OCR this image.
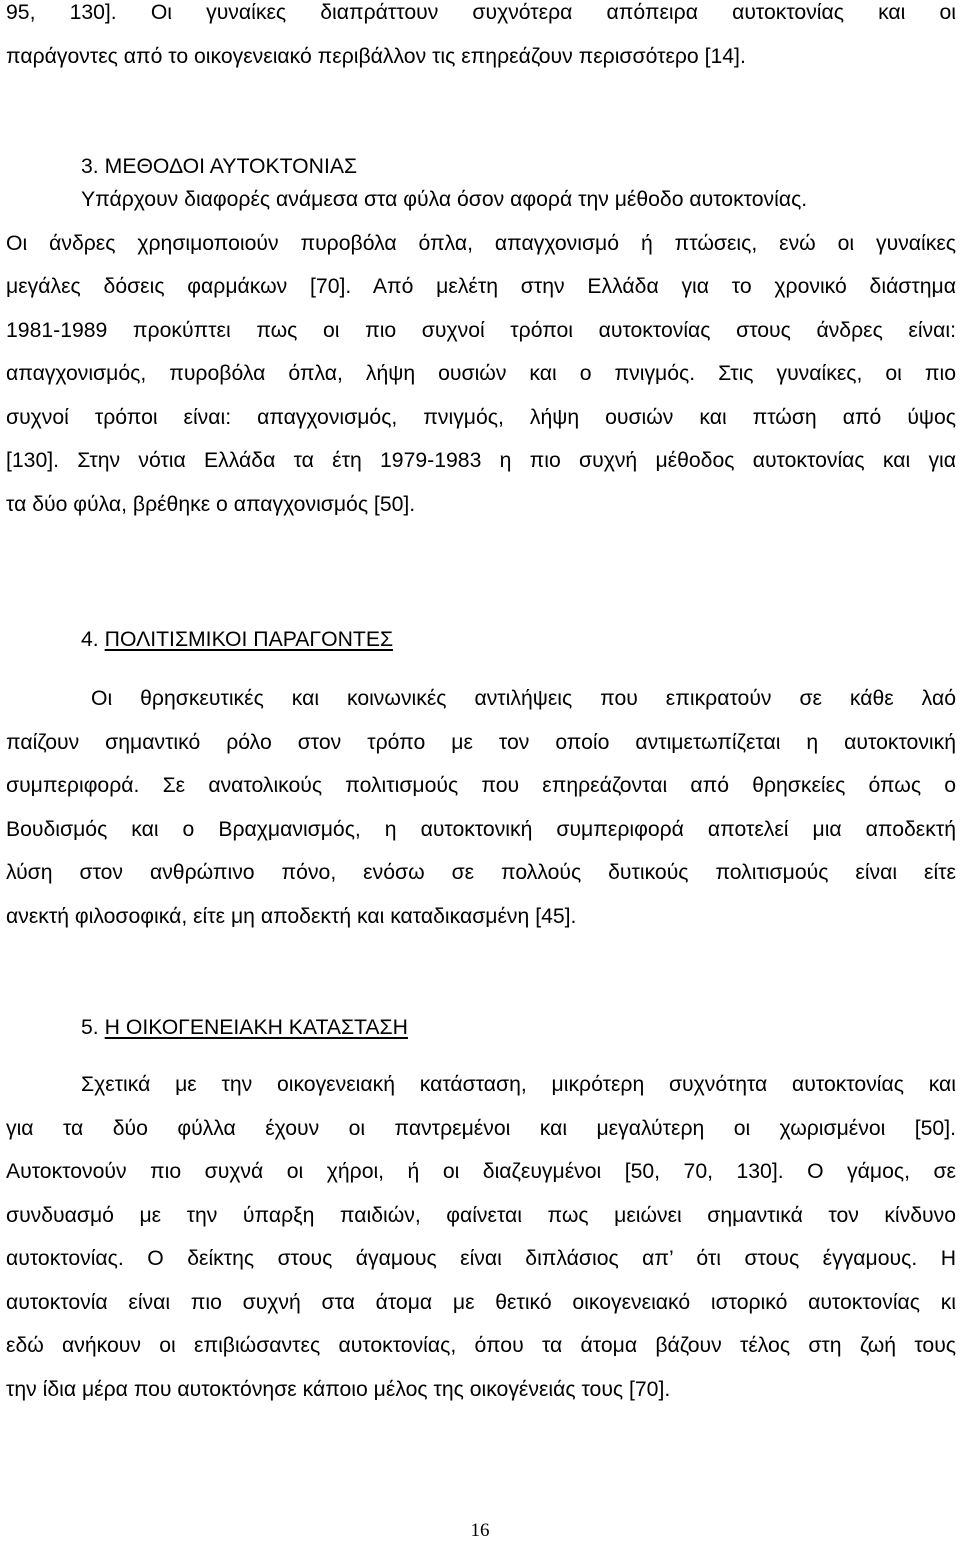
95, 130]. Οι γυναίκες διαπράττουν συχνότερα απόπειρα αυτοκτονίας και οι
παράγοντες από το οικογενειακό περιβάλλον τις επηρεάζουν περισσότερο [14].
3. ΜΕΘΟΔΟΙ ΑΥΤΟΚΤΟΝΙΑΣ
Υπάρχουν διαφορές ανάμεσα στα φύλα όσον αφορά την μέθοδο αυτοκτονίας.
Οι άνδρες χρησιμοποιούν πυροβόλα όπλα, απαγχονισμό ή πτώσεις, ενώ οι γυναίκες
μεγάλες δόσεις φαρμάκων [70]. Από μελέτη στην Ελλάδα για το χρονικό διάστημα
1981-1989 προκύπτει πως οι πιο συχνοί τρόποι αυτοκτονίας στους άνδρες είναι:
απαγχονισμός, πυροβόλα όπλα, λήψη ουσιών και ο πνιγμός. Στις γυναίκες, οι πιο
συχνοί τρόποι είναι: απαγχονισμός, πνιγμός, λήψη ουσιών και πτώση από ύψος
[130]. Στην νότια Ελλάδα τα έτη 1979-1983 η πιο συχνή μέθοδος αυτοκτονίας και για
τα δύο φύλα, βρέθηκε ο απαγχονισμός [50].
4. ΠΟΛΙΤΙΣΜΙΚΟΙ ΠΑΡΑΓΟΝΤΕΣ
Οι θρησκευτικές και κοινωνικές αντιλήψεις που επικρατούν σε κάθε λαό
παίζουν σημαντικό ρόλο στον τρόπο με τον οποίο αντιμετωπίζεται η αυτοκτονική
συμπεριφορά. Σε ανατολικούς πολιτισμούς που επηρεάζονται από θρησκείες όπως ο
Βουδισμός και ο Βραχμανισμός, η αυτοκτονική συμπεριφορά αποτελεί μια αποδεκτή
λύση στον ανθρώπινο πόνο, ενόσω σε πολλούς δυτικούς πολιτισμούς είναι είτε
ανεκτή φιλοσοφικά, είτε μη αποδεκτή και καταδικασμένη [45].
5. Η ΟΙΚΟΓΕΝΕΙΑΚΗ ΚΑΤΑΣΤΑΣΗ
Σχετικά με την οικογενειακή κατάσταση, μικρότερη συχνότητα αυτοκτονίας και
για τα δύο φύλλα έχουν οι παντρεμένοι και μεγαλύτερη οι χωρισμένοι [50].
Αυτοκτονούν πιο συχνά οι χήροι, ή οι διαζευγμένοι [50, 70, 130]. Ο γάμος, σε
συνδυασμό με την ύπαρξη παιδιών, φαίνεται πως μειώνει σημαντικά τον κίνδυνο
αυτοκτονίας. Ο δείκτης στους άγαμους είναι διπλάσιος απ’ ότι στους έγγαμους. Η
αυτοκτονία είναι πιο συχνή στα άτομα με θετικό οικογενειακό ιστορικό αυτοκτονίας κι
εδώ ανήκουν οι επιβιώσαντες αυτοκτονίας, όπου τα άτομα βάζουν τέλος στη ζωή τους
την ίδια μέρα που αυτοκτόνησε κάποιο μέλος της οικογένειάς τους [70].
16
